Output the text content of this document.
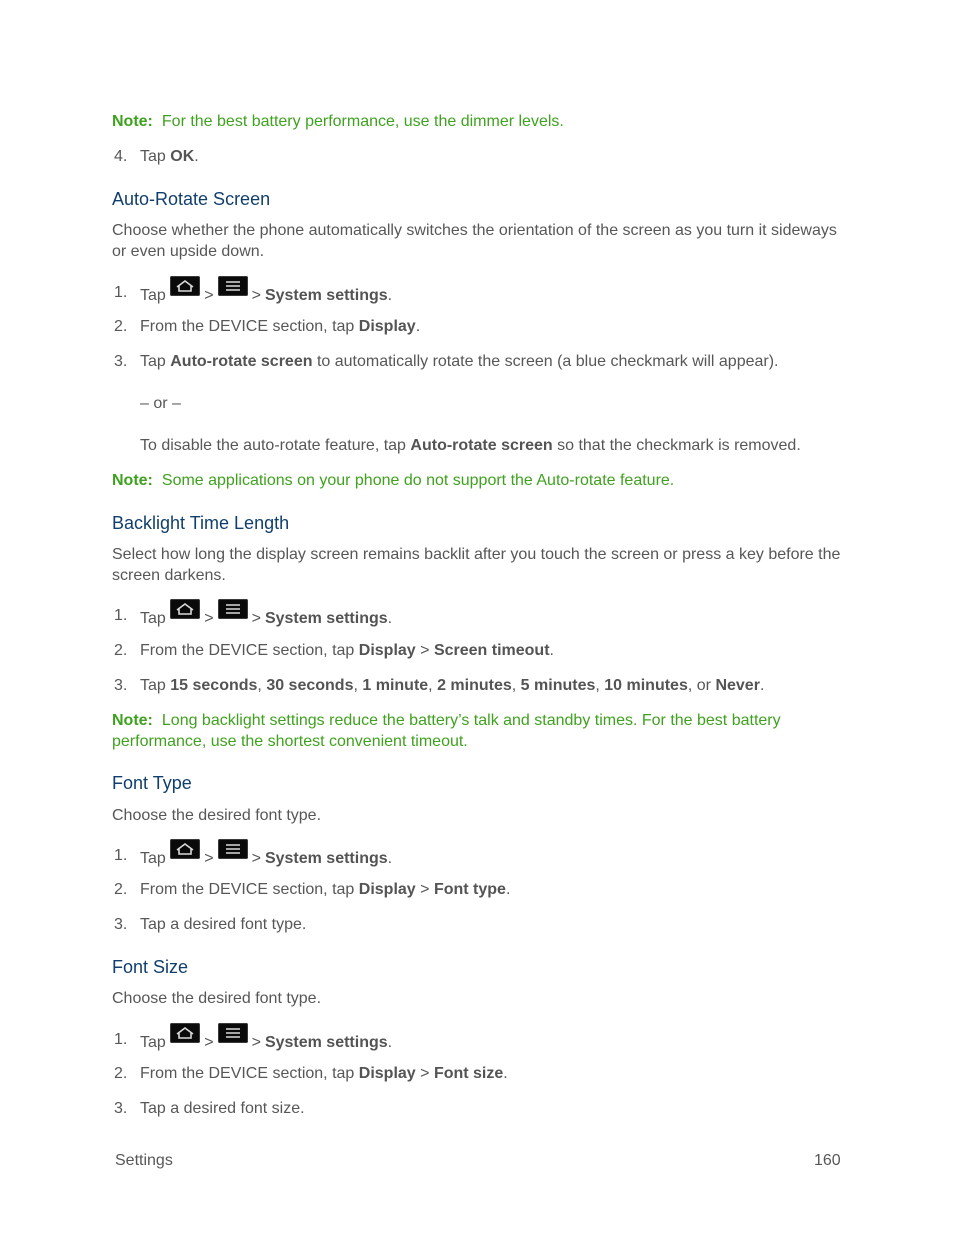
Note: For the best battery performance, use the dimmer levels.
4. Tap OK.
Auto-Rotate Screen
Choose whether the phone automatically switches the orientation of the screen as you turn it sideways or even upside down.
1. Tap > > System settings.
2. From the DEVICE section, tap Display.
3. Tap Auto-rotate screen to automatically rotate the screen (a blue checkmark will appear).
– or –
To disable the auto-rotate feature, tap Auto-rotate screen so that the checkmark is removed.
Note: Some applications on your phone do not support the Auto-rotate feature.
Backlight Time Length
Select how long the display screen remains backlit after you touch the screen or press a key before the screen darkens.
1. Tap > > System settings.
2. From the DEVICE section, tap Display > Screen timeout.
3. Tap 15 seconds, 30 seconds, 1 minute, 2 minutes, 5 minutes, 10 minutes, or Never.
Note: Long backlight settings reduce the battery’s talk and standby times. For the best battery performance, use the shortest convenient timeout.
Font Type
Choose the desired font type.
1. Tap > > System settings.
2. From the DEVICE section, tap Display > Font type.
3. Tap a desired font type.
Font Size
Choose the desired font type.
1. Tap > > System settings.
2. From the DEVICE section, tap Display > Font size.
3. Tap a desired font size.
Settings	160
